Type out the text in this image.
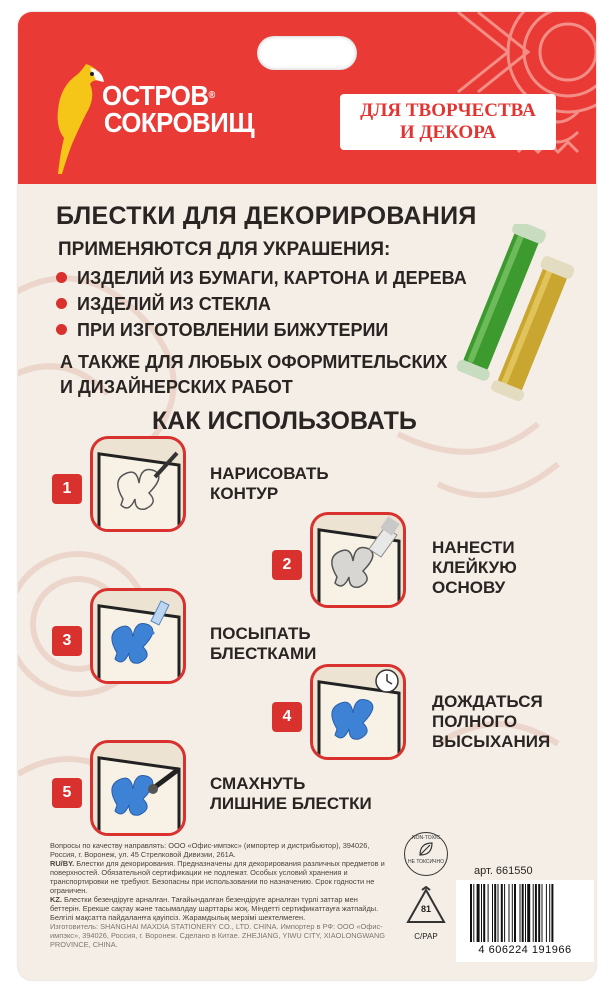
ОСТРОВ®
СОКРОВИЩ	ДЛЯ ТВОРЧЕСТВА
И ДЕКОРА
БЛЕСТКИ ДЛЯ ДЕКОРИРОВАНИЯ
ПРИМЕНЯЮТСЯ ДЛЯ УКРАШЕНИЯ:
ИЗДЕЛИЙ ИЗ БУМАГИ, КАРТОНА И ДЕРЕВА
ИЗДЕЛИЙ ИЗ СТЕКЛА
ПРИ ИЗГОТОВЛЕНИИ БИЖУТЕРИИ
А ТАКЖЕ ДЛЯ ЛЮБЫХ ОФОРМИТЕЛЬСКИХ
И ДИЗАЙНЕРСКИХ РАБОТ
КАК ИСПОЛЬЗОВАТЬ
1
НАРИСОВАТЬ
КОНТУР
2
НАНЕСТИ
КЛЕЙКУЮ
ОСНОВУ
3	ПОСЫПАТЬ
БЛЕСТКАМИ
4
ДОЖДАТЬСЯ
ПОЛНОГО
ВЫСЫХАНИЯ
5	СМАХНУТЬ
ЛИШНИЕ БЛЕСТКИ
Вопросы по качеству направлять: ООО «Офис-импэкс» (импортер и дистрибьютор), 394026, Россия, г. Воронеж, ул. 45 Стрелковой Дивизии, 261А.
RU/BY. Блестки для декорирования. Предназначены для декорирования различных предметов и поверхностей. Обязательной сертификации не подлежат. Особых условий хранения и транспортировки не требуют. Безопасны при использовании по назначению. Срок годности не ограничен.
KZ. Блестки безендіруге арналған. Тағайындалған безендіруге арналған түрлі заттар мен беттерін. Ерекше сақтау және тасымалдау шарттары жоқ. Міндетті сертификаттауға жатпайды. Белгілі мақсатта пайдаланғға қауіпсіз. Жарамдылық мерзімі шектелмеген.
Изготовитель: SHANGHAI MAXDIA STATIONERY CO., LTD. CHINA. Импортер в РФ: ООО «Офис-импэкс», 394026, Россия, г. Воронеж. Сделано в Китае. ZHEJIANG, YIWU CITY, XIAOLONGWANG PROVINCE, CHINA.
NON-TOXIC
НЕ ТОКСИЧНО
81
C/PAP
арт. 661550
4 606224 191966
